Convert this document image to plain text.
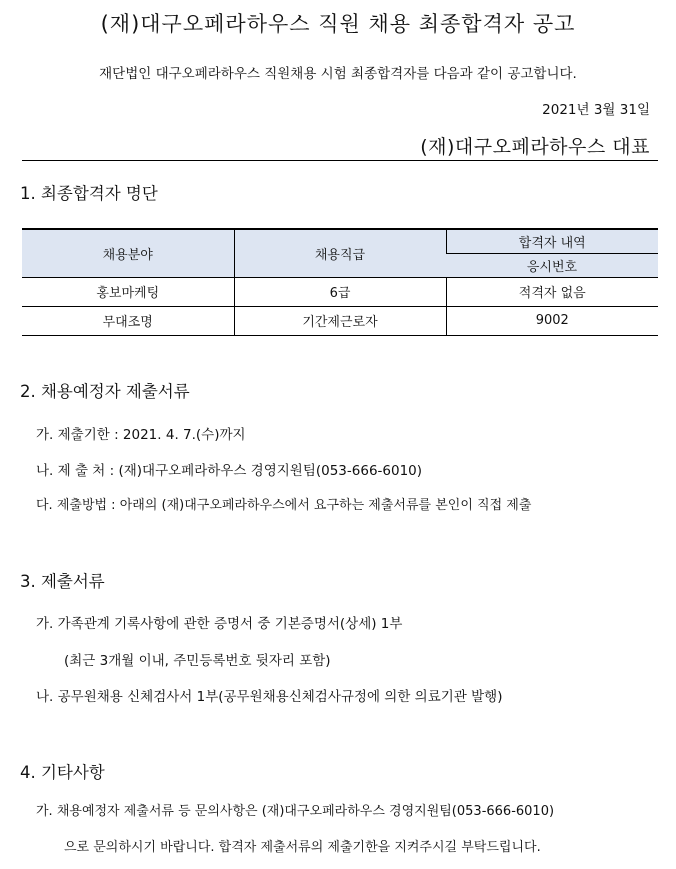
(재)대구오페라하우스 직원 채용 최종합격자 공고
재단법인 대구오페라하우스 직원채용 시험 최종합격자를 다음과 같이 공고합니다.
2021년 3월 31일
(재)대구오페라하우스 대표
1. 최종합격자 명단
채용분야	채용직급	합격자 내역
		응시번호
홍보마케팅	6급	적격자 없음
무대조명	기간제근로자	9002
2. 채용예정자 제출서류
가. 제출기한 : 2021. 4. 7.(수)까지
나. 제 출 처 : (재)대구오페라하우스 경영지원팀(053-666-6010)
다. 제출방법 : 아래의 (재)대구오페라하우스에서 요구하는 제출서류를 본인이 직접 제출
3. 제출서류
가. 가족관계 기록사항에 관한 증명서 중 기본증명서(상세) 1부
(최근 3개월 이내, 주민등록번호 뒷자리 포함)
나. 공무원채용 신체검사서 1부(공무원채용신체검사규정에 의한 의료기관 발행)
4. 기타사항
가. 채용예정자 제출서류 등 문의사항은 (재)대구오페라하우스 경영지원팀(053-666-6010)
으로 문의하시기 바랍니다. 합격자 제출서류의 제출기한을 지켜주시길 부탁드립니다.
